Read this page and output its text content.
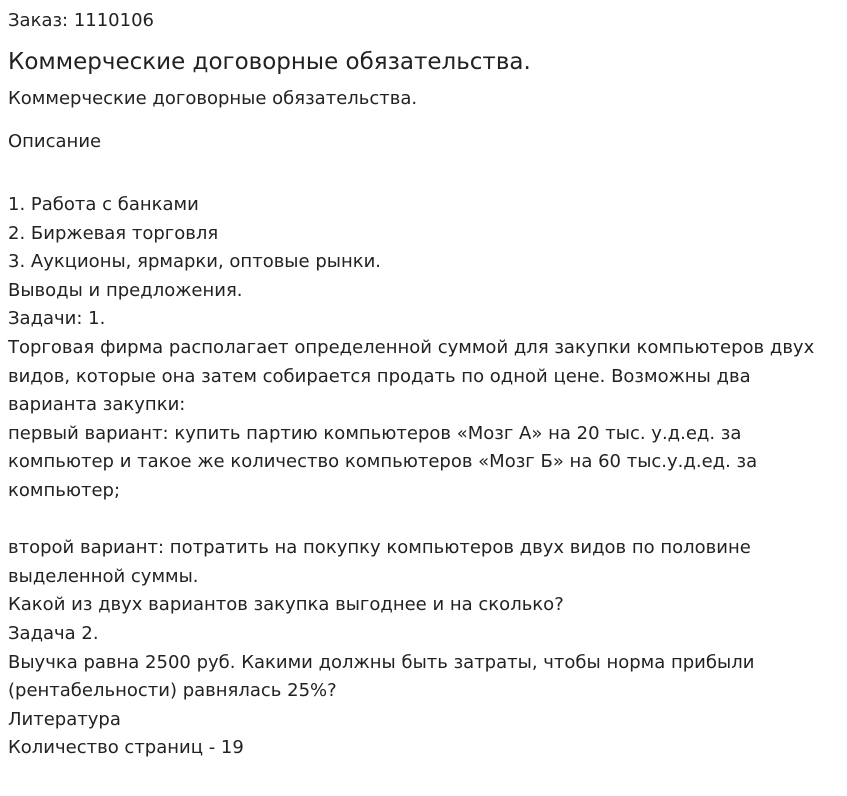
Заказ: 1110106
Коммерческие договорные обязательства.
Коммерческие договорные обязательства.
Описание
1. Работа с банками
2. Биржевая торговля
3. Аукционы, ярмарки, оптовые рынки.
Выводы и предложения.
Задачи: 1.
Торговая фирма располагает определенной суммой для закупки компьютеров двух видов, которые она затем собирается продать по одной цене. Возможны два варианта закупки:
первый вариант: купить партию компьютеров «Мозг А» на 20 тыс. у.д.ед. за компьютер и такое же количество компьютеров «Мозг Б» на 60 тыс.у.д.ед. за компьютер;
второй вариант: потратить на покупку компьютеров двух видов по половине выделенной суммы.
Какой из двух вариантов закупка выгоднее и на сколько?
Задача 2.
Выучка равна 2500 руб. Какими должны быть затраты, чтобы норма прибыли (рентабельности) равнялась 25%?
Литература
Количество страниц - 19
